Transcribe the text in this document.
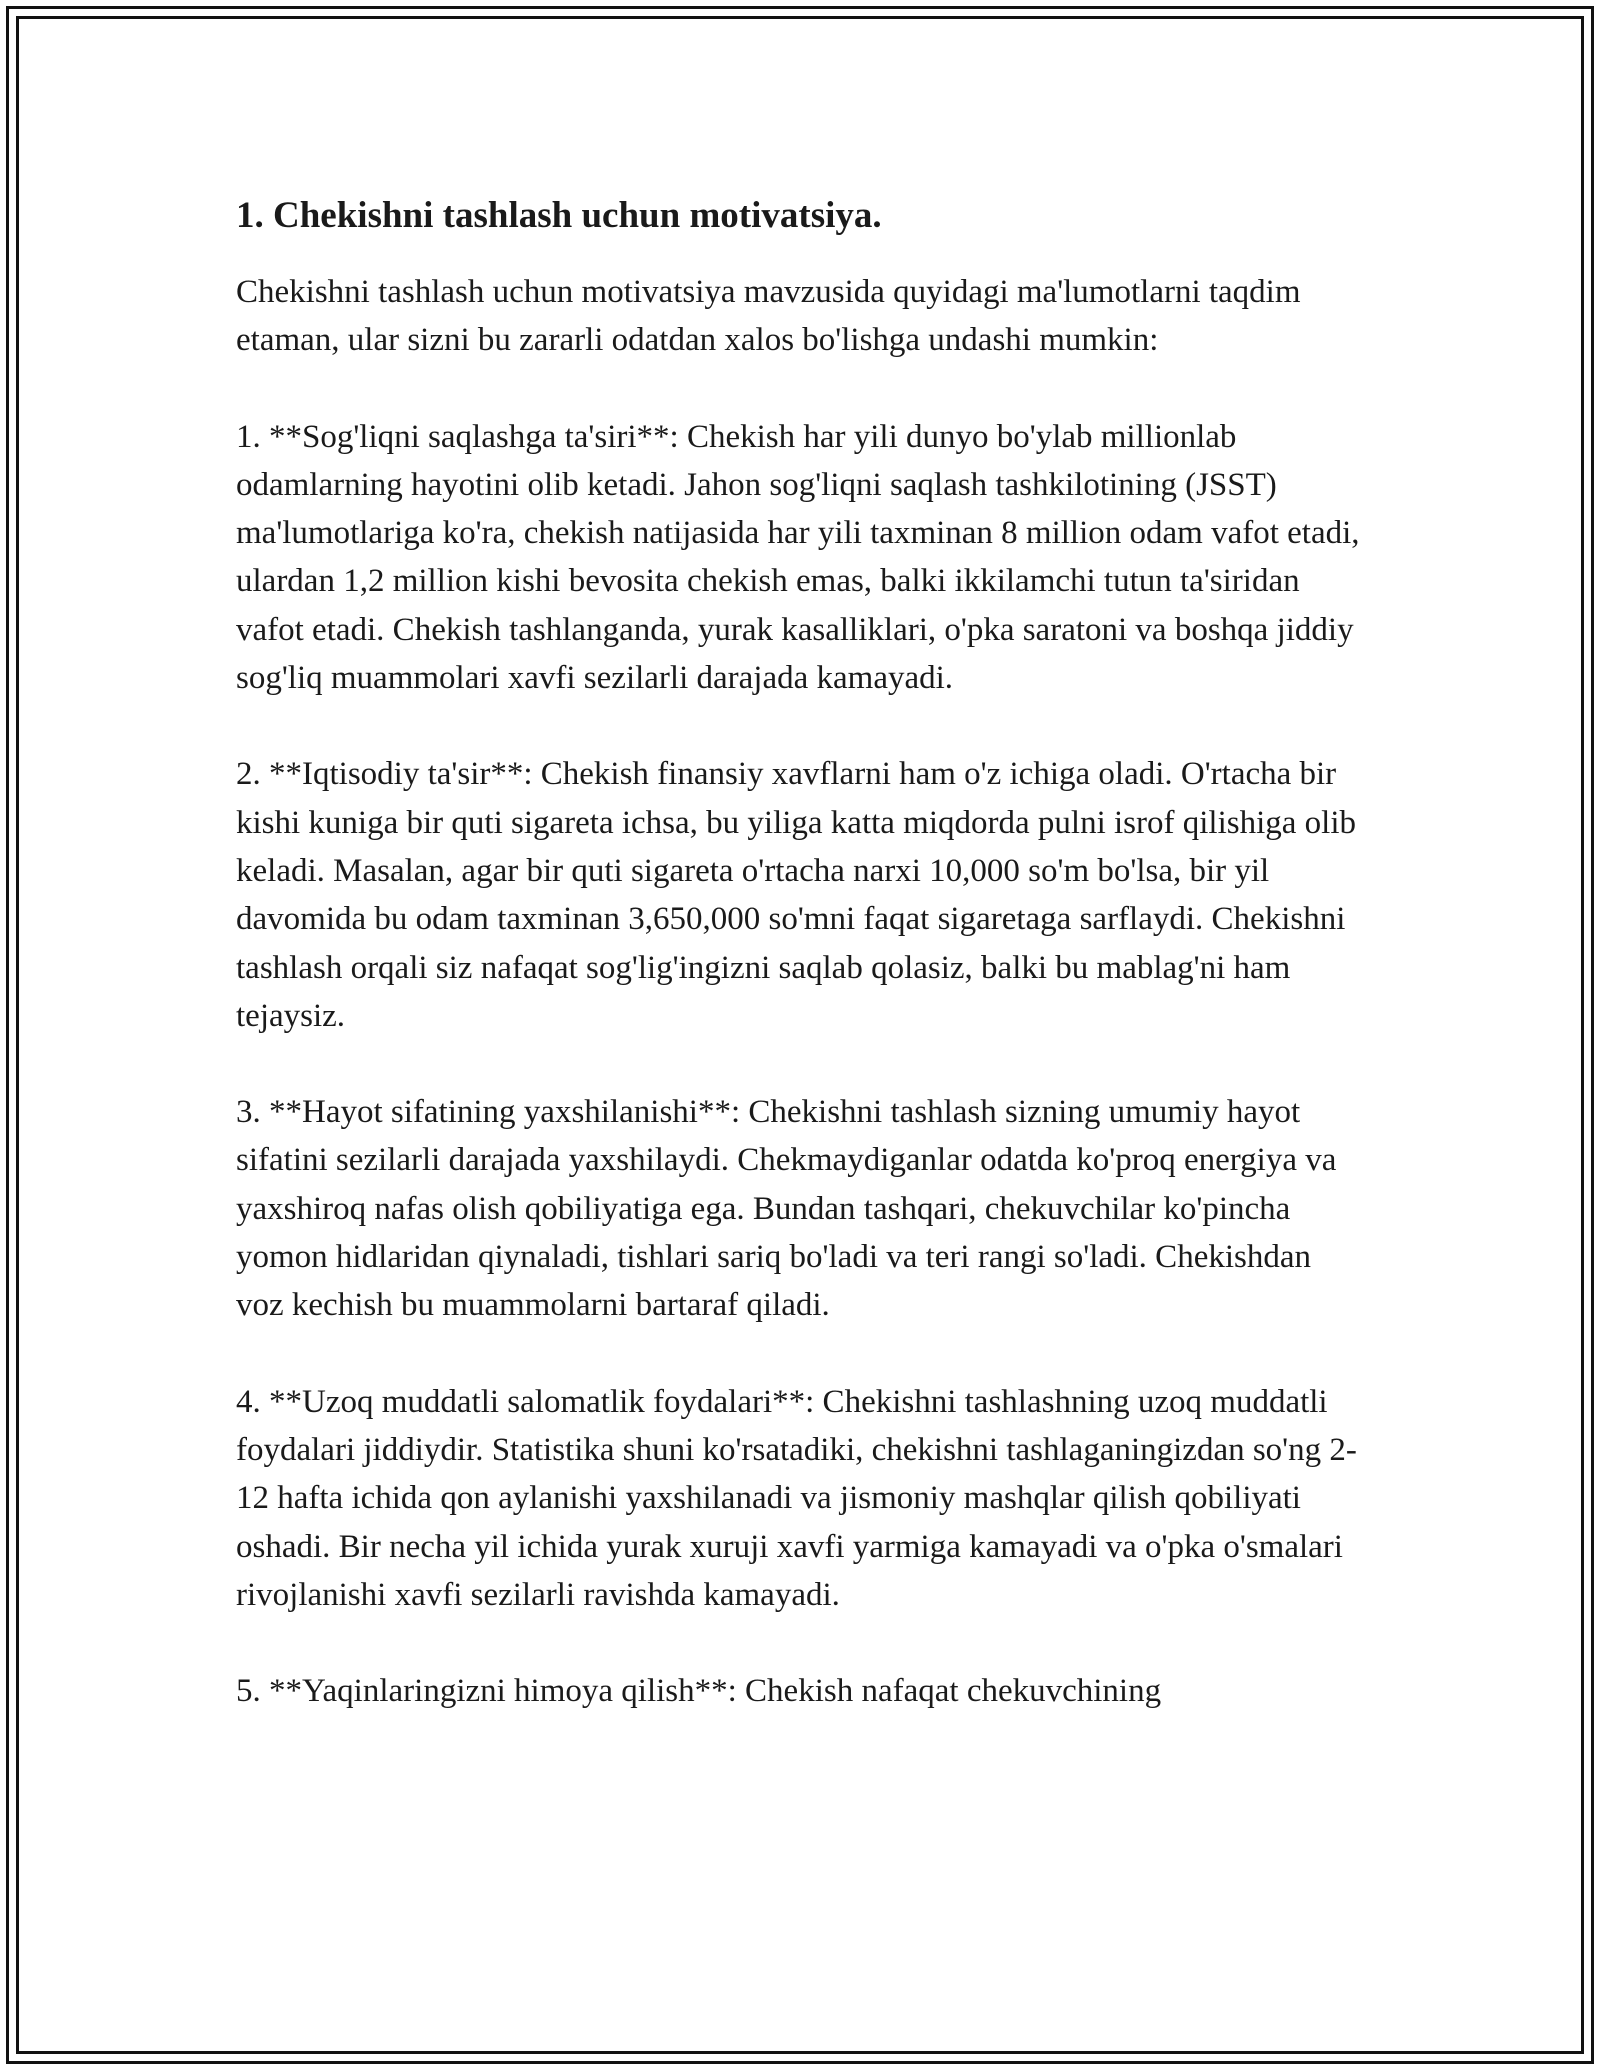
1. Chekishni tashlash uchun motivatsiya.

Chekishni tashlash uchun motivatsiya mavzusida quyidagi ma'lumotlarni taqdim etaman, ular sizni bu zararli odatdan xalos bo'lishga undashi mumkin:

1. **Sog'liqni saqlashga ta'siri**: Chekish har yili dunyo bo'ylab millionlab odamlarning hayotini olib ketadi. Jahon sog'liqni saqlash tashkilotining (JSST) ma'lumotlariga ko'ra, chekish natijasida har yili taxminan 8 million odam vafot etadi, ulardan 1,2 million kishi bevosita chekish emas, balki ikkilamchi tutun ta'siridan vafot etadi. Chekish tashlanganda, yurak kasalliklari, o'pka saratoni va boshqa jiddiy sog'liq muammolari xavfi sezilarli darajada kamayadi.

2. **Iqtisodiy ta'sir**: Chekish finansiy xavflarni ham o'z ichiga oladi. O'rtacha bir kishi kuniga bir quti sigareta ichsa, bu yiliga katta miqdorda pulni isrof qilishiga olib keladi. Masalan, agar bir quti sigareta o'rtacha narxi 10,000 so'm bo'lsa, bir yil davomida bu odam taxminan 3,650,000 so'mni faqat sigaretaga sarflaydi. Chekishni tashlash orqali siz nafaqat sog'lig'ingizni saqlab qolasiz, balki bu mablag'ni ham tejaysiz.

3. **Hayot sifatining yaxshilanishi**: Chekishni tashlash sizning umumiy hayot sifatini sezilarli darajada yaxshilaydi. Chekmaydiganlar odatda ko'proq energiya va yaxshiroq nafas olish qobiliyatiga ega. Bundan tashqari, chekuvchilar ko'pincha yomon hidlaridan qiynaladi, tishlari sariq bo'ladi va teri rangi so'ladi. Chekishdan voz kechish bu muammolarni bartaraf qiladi.

4. **Uzoq muddatli salomatlik foydalari**: Chekishni tashlashning uzoq muddatli foydalari jiddiydir. Statistika shuni ko'rsatadiki, chekishni tashlaganingizdan so'ng 2-12 hafta ichida qon aylanishi yaxshilanadi va jismoniy mashqlar qilish qobiliyati oshadi. Bir necha yil ichida yurak xuruji xavfi yarmiga kamayadi va o'pka o'smalari rivojlanishi xavfi sezilarli ravishda kamayadi.

5. **Yaqinlaringizni himoya qilish**: Chekish nafaqat chekuvchining
